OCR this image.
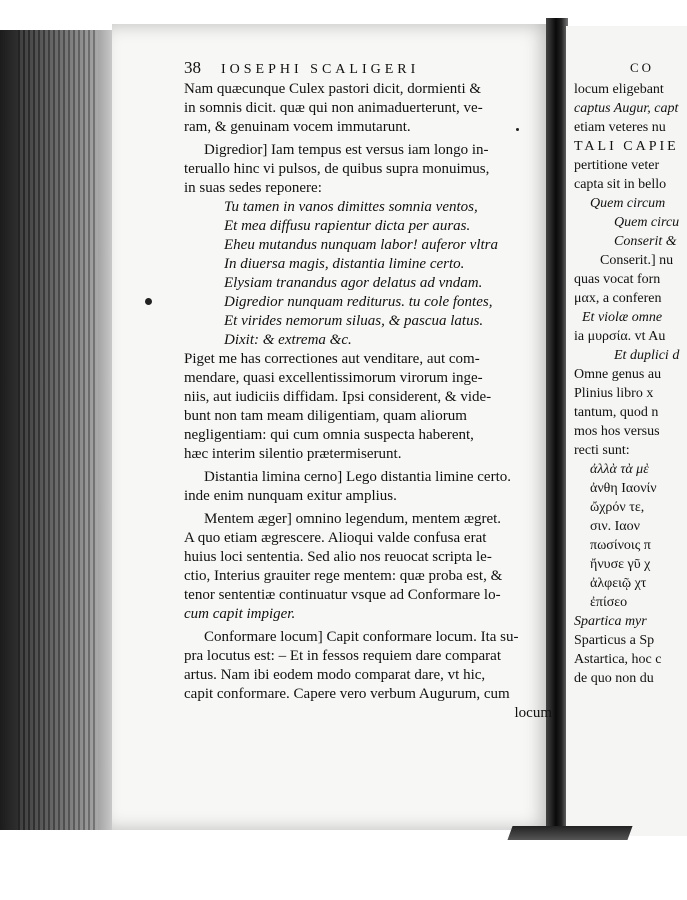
38 IOSEPHI SCALIGERI
Nam quæcunque Culex pastori dicit, dormienti &
in somnis dicit. quæ qui non animaduerterunt, ve-
ram, & genuinam vocem immutarunt.
Digredior] Iam tempus est versus iam longo in-
teruallo hinc vi pulsos, de quibus supra monuimus,
in suas sedes reponere:
Tu tamen in vanos dimittes somnia ventos,
Et mea diffusu rapientur dicta per auras.
Eheu mutandus nunquam labor! auferor vltra
In diuersa magis, distantia limine certo.
Elysiam tranandus agor delatus ad vndam.
Digredior nunquam rediturus. tu cole fontes,
Et virides nemorum siluas, & pascua latus.
Dixit: & extrema &c.
Piget me has correctiones aut venditare, aut com-
mendare, quasi excellentissimorum virorum inge-
niis, aut iudiciis diffidam. Ipsi considerent, & vide-
bunt non tam meam diligentiam, quam aliorum
negligentiam: qui cum omnia suspecta haberent,
hæc interim silentio prætermiserunt.
Distantia limina cerno] Lego distantia limine certo.
inde enim nunquam exitur amplius.
Mentem æger] omnino legendum, mentem ægret.
A quo etiam ægrescere. Alioqui valde confusa erat
huius loci sententia. Sed alio nos reuocat scripta le-
ctio, Interius grauiter rege mentem: quæ proba est, &
tenor sententiæ continuatur vsque ad Conformare lo-
cum capit impiger.
Conformare locum] Capit conformare locum. Ita su-
pra locutus est: – Et in fessos requiem dare comparat
artus. Nam ibi eodem modo comparat dare, vt hic,
capit conformare. Capere vero verbum Augurum, cum
locum
CO
locum eligebant
captus Augur, capt
etiam veteres nu
TALI CAPIE
pertitione veter
capta sit in bello
Quem circum
Quem circu
Conserit &
Conserit.] nu
quas vocat forn
μαx, a conferen
Et violæ omne
ia μυρσία. vt Au
Et duplici d
Omne genus au
Plinius libro x
tantum, quod n
mos hos versus
recti sunt:
ἀλλὰ τὰ μὲ
ἀνθη Ιαονίν
ὤχρόν τε,
σιν. Ιαον
πωσίνοις π
ἤνυσε γῦ χ
ἀλφειῷ χτ
ἐπίσεο
Spartica myr
Sparticus a Sp
Astartica, hoc c
de quo non du
